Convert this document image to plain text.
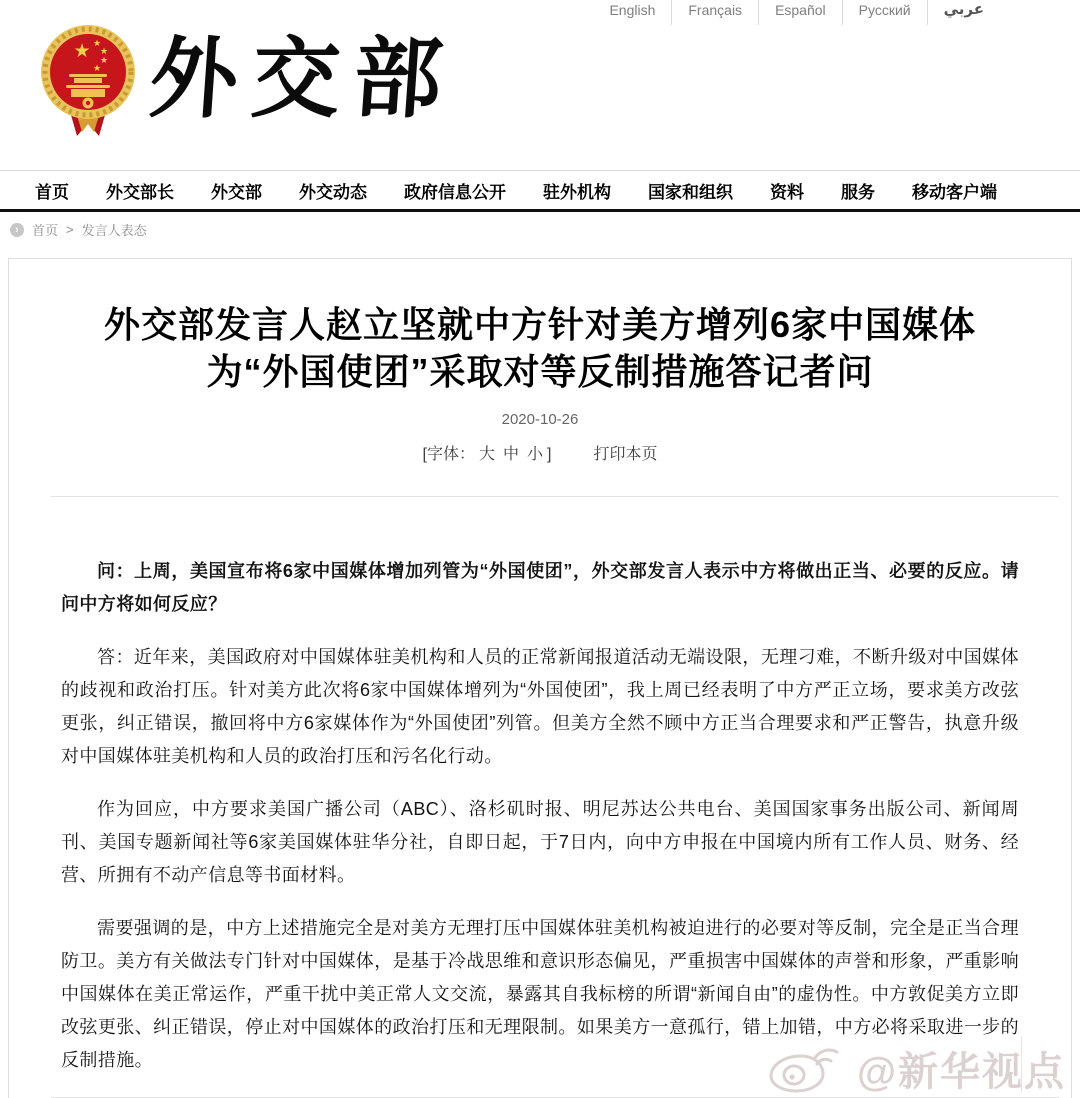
English	Français	Español	Русский	عربي
★ ★
★
★
★ 外交部
首页 外交部长 外交部 外交动态 政府信息公开 驻外机构 国家和组织 资料 服务 移动客户端
›	首页 > 发言人表态
外交部发言人赵立坚就中方针对美方增列6家中国媒体
为“外国使团”采取对等反制措施答记者问
2020-10-26
[字体： 大 中 小 ]	打印本页

问：上周，美国宣布将6家中国媒体增加列管为“外国使团”，外交部发言人表示中方将做出正当、必要的反应。请问中方将如何反应？

答：近年来，美国政府对中国媒体驻美机构和人员的正常新闻报道活动无端设限，无理刁难，不断升级对中国媒体的歧视和政治打压。针对美方此次将6家中国媒体增列为“外国使团”，我上周已经表明了中方严正立场，要求美方改弦更张，纠正错误，撤回将中方6家媒体作为“外国使团”列管。但美方全然不顾中方正当合理要求和严正警告，执意升级对中国媒体驻美机构和人员的政治打压和污名化行动。

作为回应，中方要求美国广播公司（ABC）、洛杉矶时报、明尼苏达公共电台、美国国家事务出版公司、新闻周刊、美国专题新闻社等6家美国媒体驻华分社，自即日起，于7日内，向中方申报在中国境内所有工作人员、财务、经营、所拥有不动产信息等书面材料。

需要强调的是，中方上述措施完全是对美方无理打压中国媒体驻美机构被迫进行的必要对等反制，完全是正当合理防卫。美方有关做法专门针对中国媒体，是基于冷战思维和意识形态偏见，严重损害中国媒体的声誉和形象，严重影响中国媒体在美正常运作，严重干扰中美正常人文交流，暴露其自我标榜的所谓“新闻自由”的虚伪性。中方敦促美方立即改弦更张、纠正错误，停止对中国媒体的政治打压和无理限制。如果美方一意孤行，错上加错，中方必将采取进一步的反制措施。	@新华视点
